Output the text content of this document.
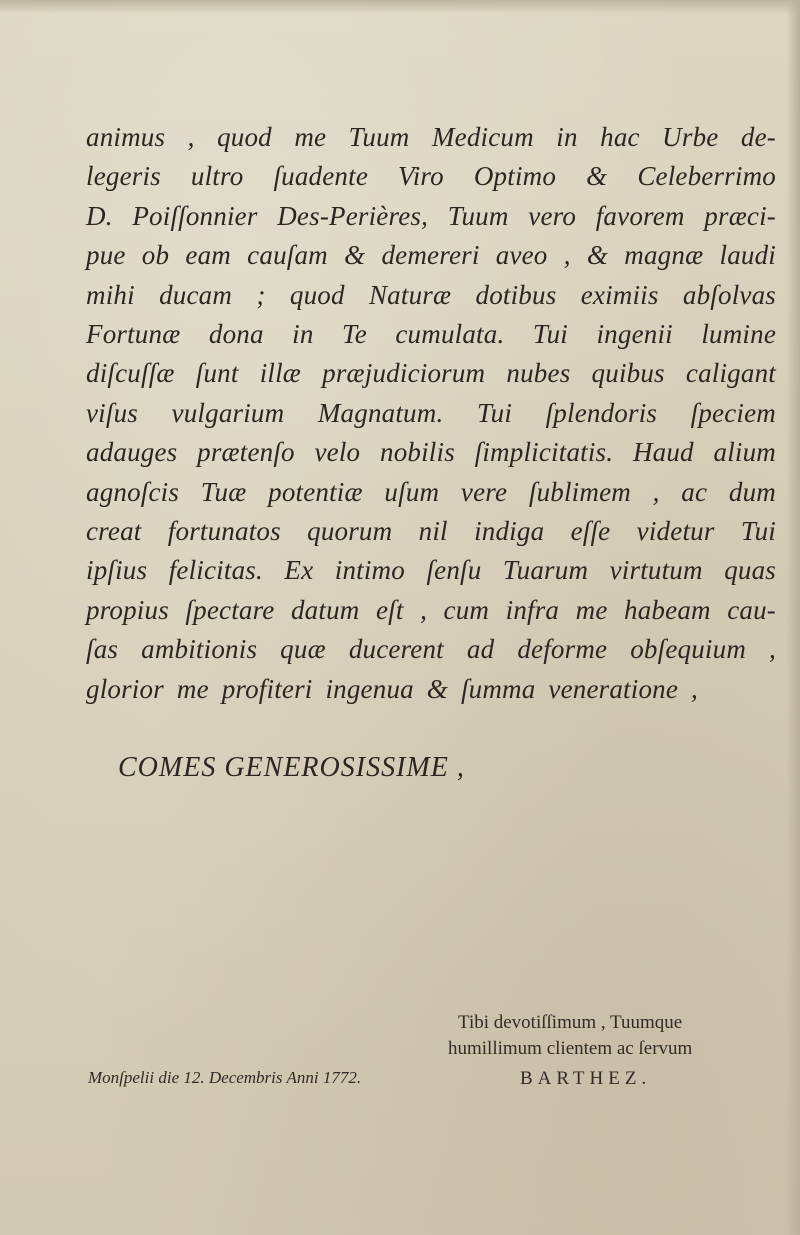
animus , quod me Tuum Medicum in hac Urbe de-
legeris ultro ſuadente Viro Optimo & Celeberrimo
D. Poiſſonnier Des-Perières, Tuum vero favorem præci-
pue ob eam cauſam & demereri aveo , & magnæ laudi
mihi ducam ; quod Naturæ dotibus eximiis abſolvas
Fortunæ dona in Te cumulata. Tui ingenii lumine
diſcuſſæ ſunt illæ præjudiciorum nubes quibus caligant
viſus vulgarium Magnatum. Tui ſplendoris ſpeciem
adauges prætenſo velo nobilis ſimplicitatis. Haud alium
agnoſcis Tuæ potentiæ uſum vere ſublimem , ac dum
creat fortunatos quorum nil indiga eſſe videtur Tui
ipſius felicitas. Ex intimo ſenſu Tuarum virtutum quas
propius ſpectare datum eſt , cum infra me habeam cau-
ſas ambitionis quæ ducerent ad deforme obſequium ,
glorior me profiteri ingenua & ſumma veneratione ,

COMES GENEROSISSIME ,

Tibi devotiſſimum , Tuumque
humillimum clientem ac ſervum

Monſpelii die 12. Decembris Anni 1772.	BARTHEZ.
